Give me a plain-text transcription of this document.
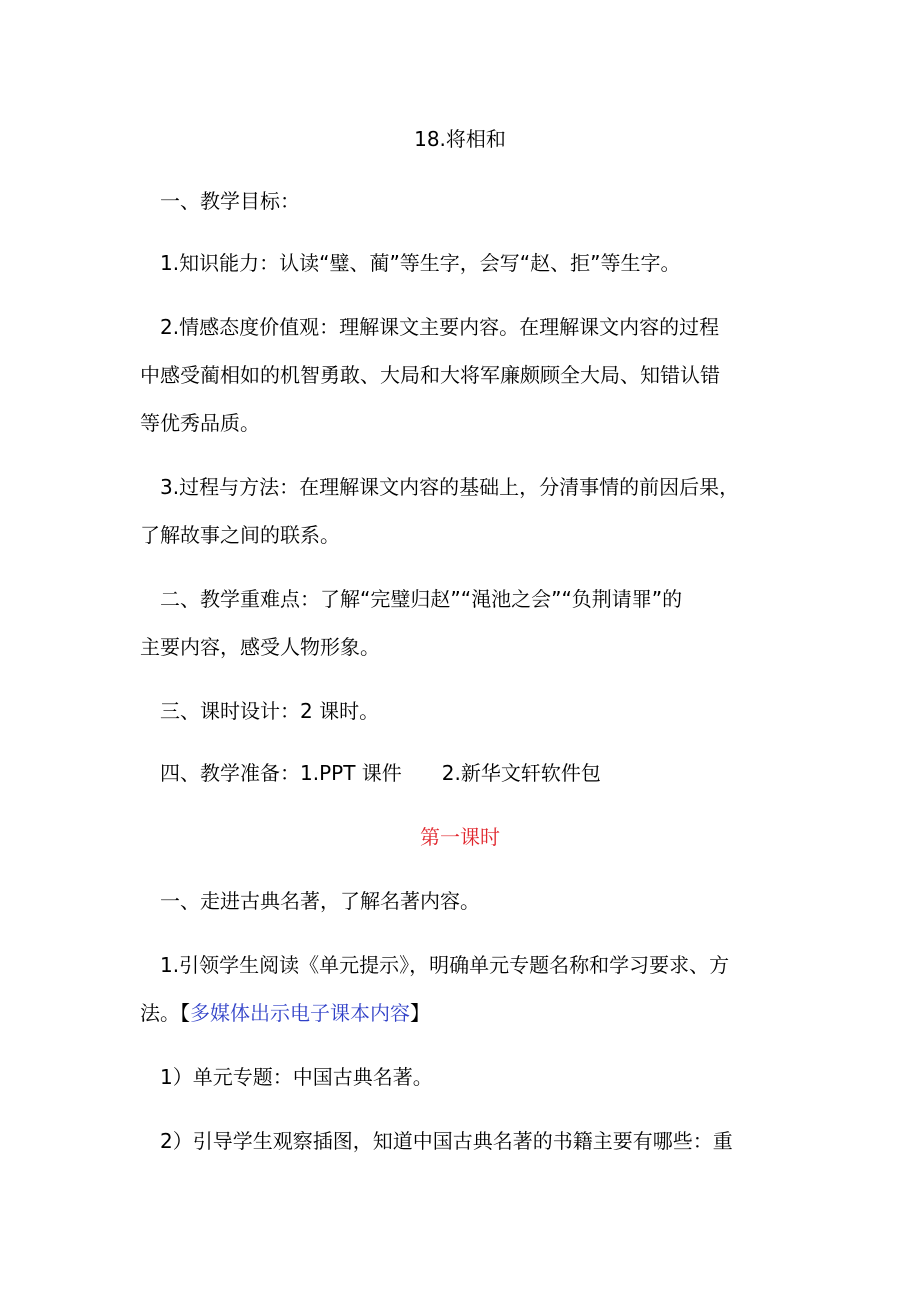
18.将相和
一、教学目标：
1.知识能力：认读“璧、蔺”等生字，会写“赵、拒”等生字。
2.情感态度价值观：理解课文主要内容。在理解课文内容的过程
中感受蔺相如的机智勇敢、大局和大将军廉颇顾全大局、知错认错
等优秀品质。
3.过程与方法：在理解课文内容的基础上，分清事情的前因后果，
了解故事之间的联系。
二、教学重难点：了解“完璧归赵”“渑池之会”“负荆请罪”的
主要内容，感受人物形象。
三、课时设计：2 课时。
四、教学准备：1.PPT 课件　　2.新华文轩软件包
第一课时
一、走进古典名著，了解名著内容。
1.引领学生阅读《单元提示》，明确单元专题名称和学习要求、方
法。【多媒体出示电子课本内容】
1）单元专题：中国古典名著。
2）引导学生观察插图，知道中国古典名著的书籍主要有哪些：重
